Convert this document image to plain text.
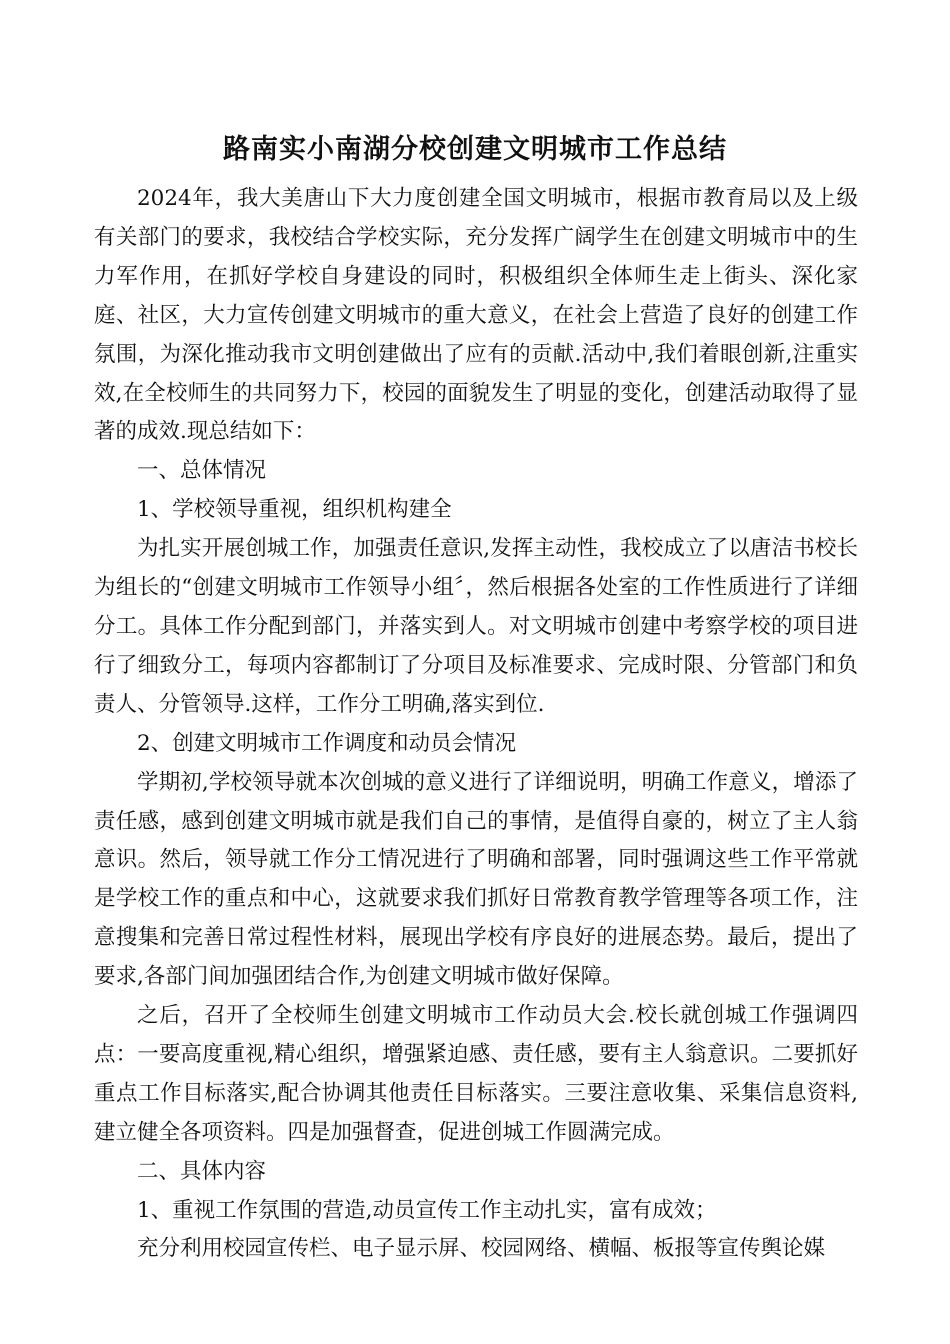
路南实小南湖分校创建文明城市工作总结

2024年，我大美唐山下大力度创建全国文明城市，根据市教育局以及上级有关部门的要求，我校结合学校实际，充分发挥广阔学生在创建文明城市中的生力军作用，在抓好学校自身建设的同时，积极组织全体师生走上街头、深化家庭、社区，大力宣传创建文明城市的重大意义，在社会上营造了良好的创建工作氛围，为深化推动我市文明创建做出了应有的贡献.活动中,我们着眼创新,注重实效,在全校师生的共同努力下，校园的面貌发生了明显的变化，创建活动取得了显著的成效.现总结如下：

一、总体情况

1、学校领导重视，组织机构建全

为扎实开展创城工作，加强责任意识,发挥主动性，我校成立了以唐洁书校长为组长的“创建文明城市工作领导小组〞，然后根据各处室的工作性质进行了详细分工。具体工作分配到部门，并落实到人。对文明城市创建中考察学校的项目进行了细致分工，每项内容都制订了分项目及标准要求、完成时限、分管部门和负责人、分管领导.这样，工作分工明确,落实到位.

2、创建文明城市工作调度和动员会情况

学期初,学校领导就本次创城的意义进行了详细说明，明确工作意义，增添了责任感，感到创建文明城市就是我们自己的事情，是值得自豪的，树立了主人翁意识。然后，领导就工作分工情况进行了明确和部署，同时强调这些工作平常就是学校工作的重点和中心，这就要求我们抓好日常教育教学管理等各项工作，注意搜集和完善日常过程性材料，展现出学校有序良好的进展态势。最后，提出了要求,各部门间加强团结合作,为创建文明城市做好保障。

之后，召开了全校师生创建文明城市工作动员大会.校长就创城工作强调四点：一要高度重视,精心组织，增强紧迫感、责任感，要有主人翁意识。二要抓好重点工作目标落实,配合协调其他责任目标落实。三要注意收集、采集信息资料,建立健全各项资料。四是加强督查，促进创城工作圆满完成。

二、具体内容

1、重视工作氛围的营造,动员宣传工作主动扎实，富有成效；

充分利用校园宣传栏、电子显示屏、校园网络、横幅、板报等宣传舆论媒
